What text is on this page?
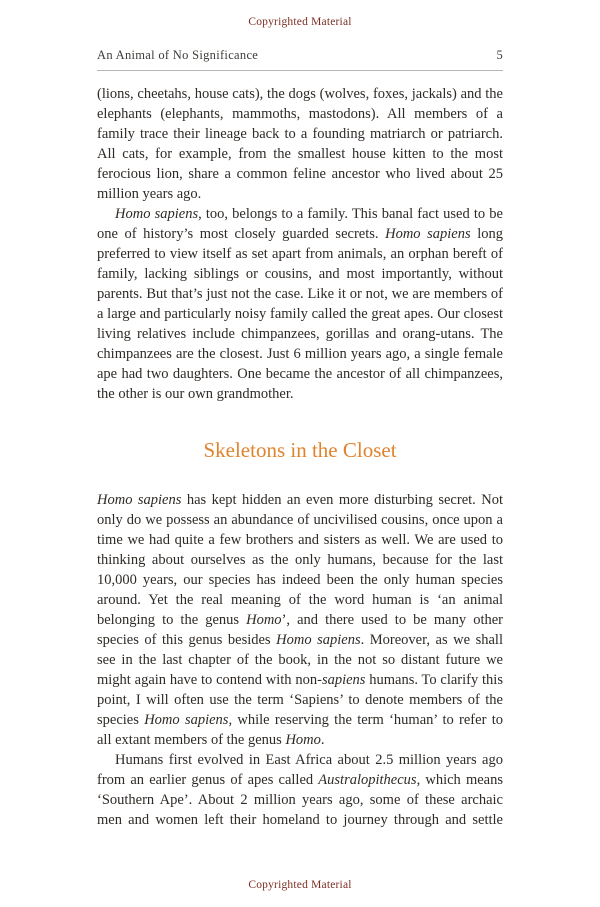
Copyrighted Material
An Animal of No Significance	5

(lions, cheetahs, house cats), the dogs (wolves, foxes, jackals) and the elephants (elephants, mammoths, mastodons). All members of a family trace their lineage back to a founding matriarch or patriarch. All cats, for example, from the smallest house kitten to the most ferocious lion, share a common feline ancestor who lived about 25 million years ago.

Homo sapiens, too, belongs to a family. This banal fact used to be one of history’s most closely guarded secrets. Homo sapiens long preferred to view itself as set apart from animals, an orphan bereft of family, lacking siblings or cousins, and most importantly, without parents. But that’s just not the case. Like it or not, we are members of a large and particularly noisy family called the great apes. Our closest living relatives include chimpanzees, gorillas and orang-utans. The chimpanzees are the closest. Just 6 million years ago, a single female ape had two daughters. One became the ancestor of all chimpanzees, the other is our own grandmother.

Skeletons in the Closet

Homo sapiens has kept hidden an even more disturbing secret. Not only do we possess an abundance of uncivilised cousins, once upon a time we had quite a few brothers and sisters as well. We are used to thinking about ourselves as the only humans, because for the last 10,000 years, our species has indeed been the only human species around. Yet the real meaning of the word human is ‘an animal belonging to the genus Homo’, and there used to be many other species of this genus besides Homo sapiens. Moreover, as we shall see in the last chapter of the book, in the not so distant future we might again have to contend with non-sapiens humans. To clarify this point, I will often use the term ‘Sapiens’ to denote members of the species Homo sapiens, while reserving the term ‘human’ to refer to all extant members of the genus Homo.

Humans first evolved in East Africa about 2.5 million years ago from an earlier genus of apes called Australopithecus, which means ‘Southern Ape’. About 2 million years ago, some of these archaic men and women left their homeland to journey through and settle

Copyrighted Material
